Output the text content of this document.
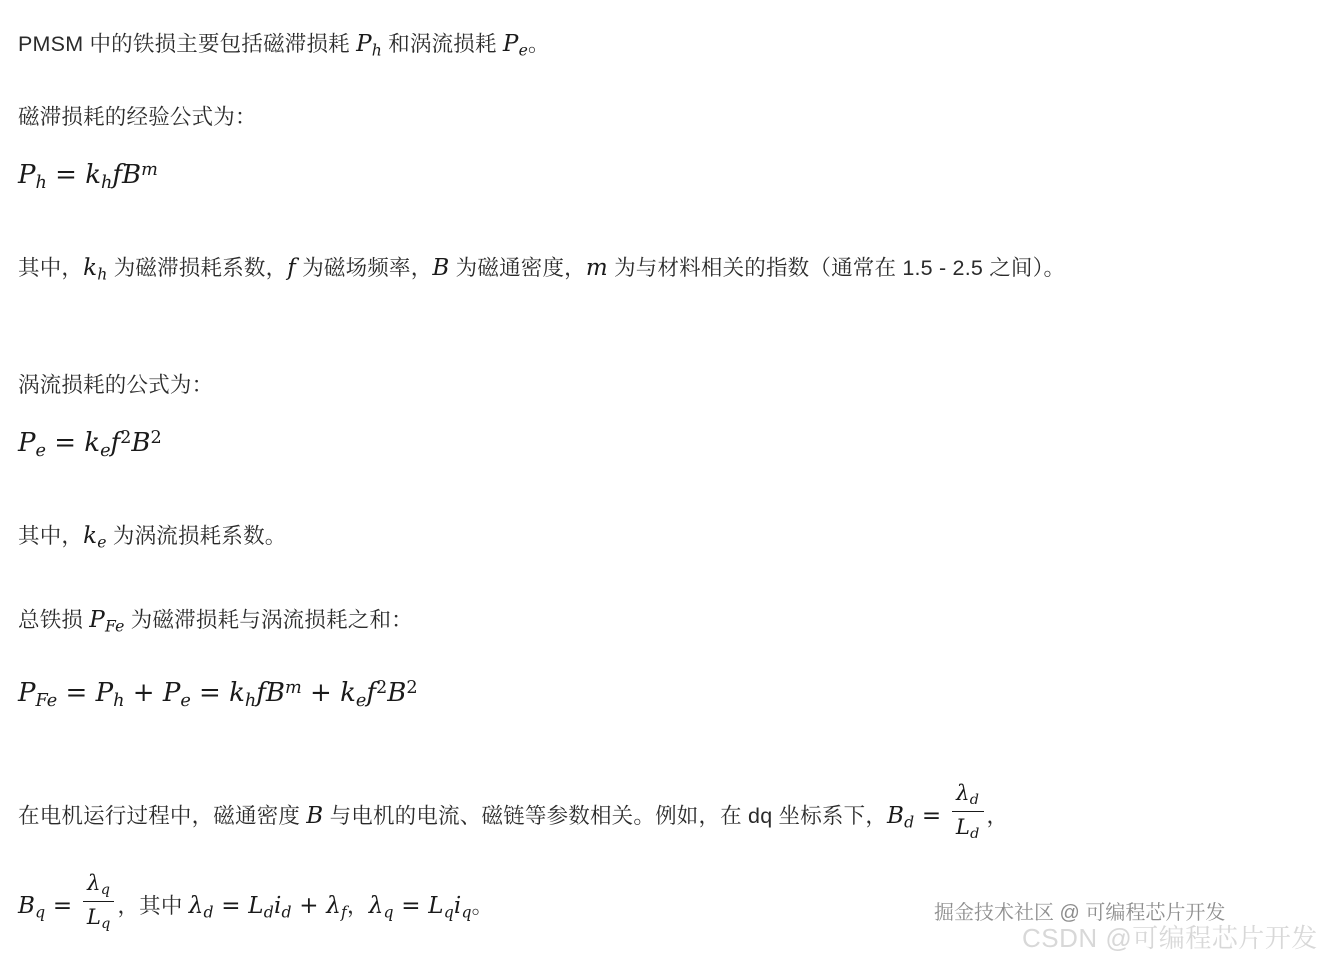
PMSM 中的铁损主要包括磁滞损耗 $P_h$ 和涡流损耗 $P_e$。
磁滞损耗的经验公式为：
$P_h = k_hfB^m$
其中，$k_h$ 为磁滞损耗系数，f 为磁场频率，B 为磁通密度，m 为与材料相关的指数（通常在 1.5 - 2.5 之间）。
涡流损耗的公式为：
$P_e = k_ef^2B^2$
其中，$k_e$ 为涡流损耗系数。
总铁损 $P_{Fe}$ 为磁滞损耗与涡流损耗之和：
$P_{Fe} = P_h + P_e = k_hfB^m + k_ef^2B^2$
在电机运行过程中，磁通密度 B 与电机的电流、磁链等参数相关。例如，在 dq 坐标系下，$B_d = \frac{\lambda_d}{L_d}$ ，
$B_q = \frac{\lambda_q}{L_q}$ ，其中 $\lambda_d = L_di_d + \lambda_f$，$\lambda_q = L_qi_q$。	掘金技术社区 @ 可编程芯片开发
CSDN @可编程芯片开发
